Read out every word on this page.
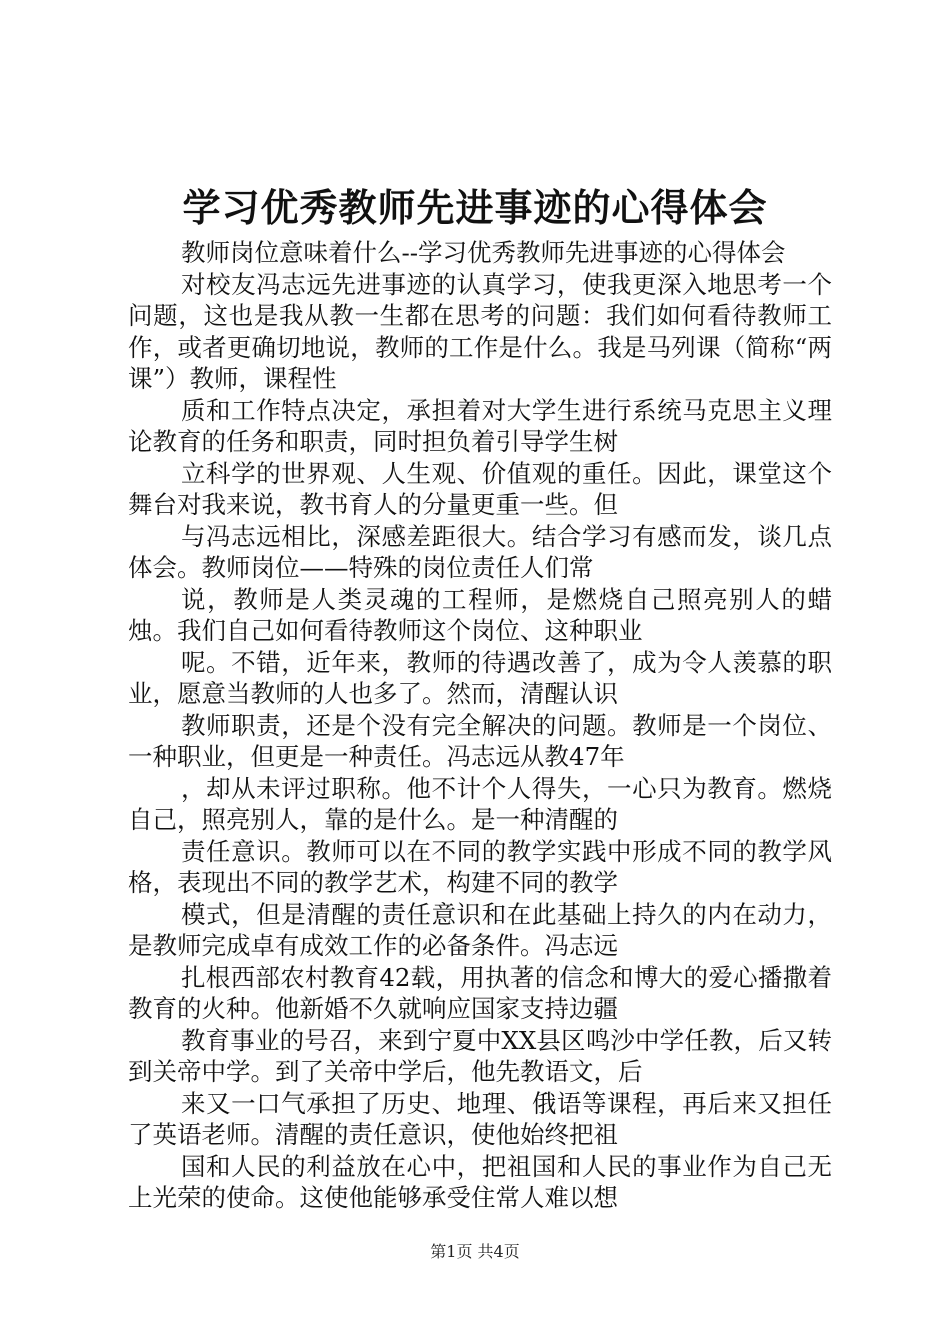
学习优秀教师先进事迹的心得体会

教师岗位意味着什么--学习优秀教师先进事迹的心得体会

对校友冯志远先进事迹的认真学习，使我更深入地思考一个问题，这也是我从教一生都在思考的问题：我们如何看待教师工作，或者更确切地说，教师的工作是什么。我是马列课（简称“两课”）教师，课程性

质和工作特点决定，承担着对大学生进行系统马克思主义理论教育的任务和职责，同时担负着引导学生树

立科学的世界观、人生观、价值观的重任。因此，课堂这个舞台对我来说，教书育人的分量更重一些。但

与冯志远相比，深感差距很大。结合学习有感而发，谈几点体会。教师岗位——特殊的岗位责任人们常

说，教师是人类灵魂的工程师，是燃烧自己照亮别人的蜡烛。我们自己如何看待教师这个岗位、这种职业

呢。不错，近年来，教师的待遇改善了，成为令人羡慕的职业，愿意当教师的人也多了。然而，清醒认识

教师职责，还是个没有完全解决的问题。教师是一个岗位、一种职业，但更是一种责任。冯志远从教47年

，却从未评过职称。他不计个人得失，一心只为教育。燃烧自己，照亮别人，靠的是什么。是一种清醒的

责任意识。教师可以在不同的教学实践中形成不同的教学风格，表现出不同的教学艺术，构建不同的教学

模式，但是清醒的责任意识和在此基础上持久的内在动力，是教师完成卓有成效工作的必备条件。冯志远

扎根西部农村教育42载，用执著的信念和博大的爱心播撒着教育的火种。他新婚不久就响应国家支持边疆

教育事业的号召，来到宁夏中XX县区鸣沙中学任教，后又转到关帝中学。到了关帝中学后，他先教语文，后

来又一口气承担了历史、地理、俄语等课程，再后来又担任了英语老师。清醒的责任意识，使他始终把祖

国和人民的利益放在心中，把祖国和人民的事业作为自己无上光荣的使命。这使他能够承受住常人难以想

第1页 共4页
